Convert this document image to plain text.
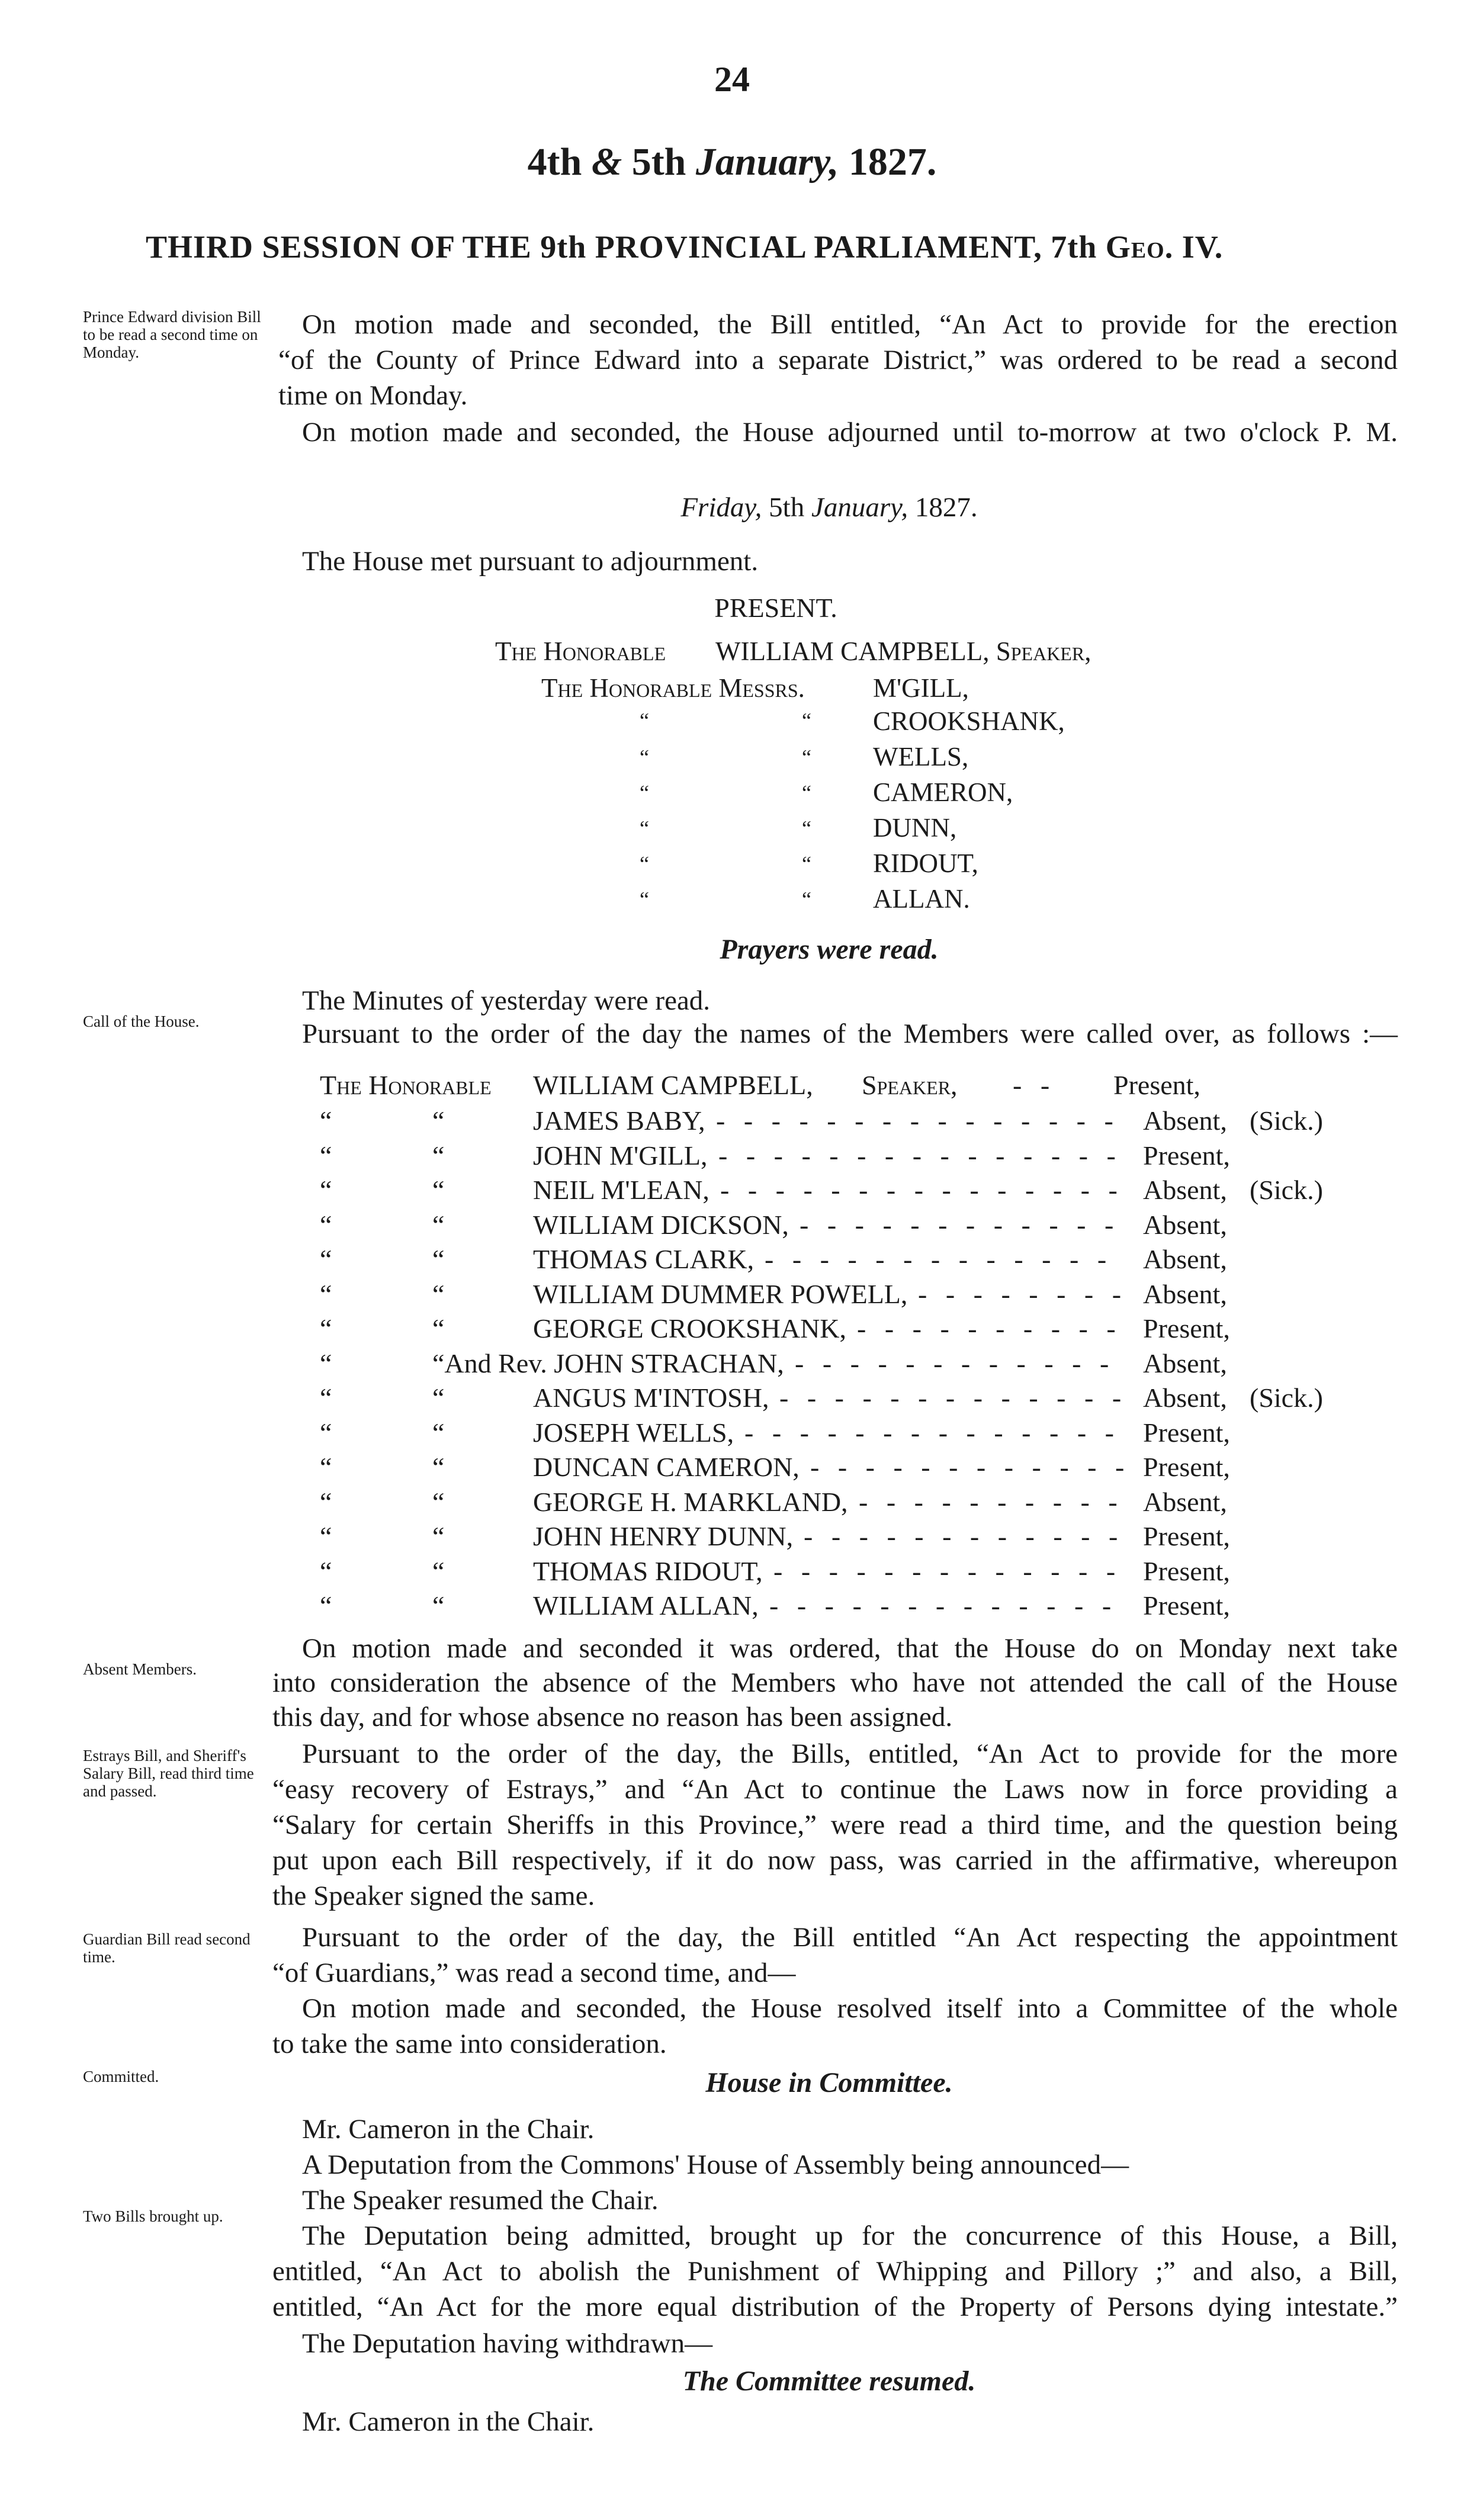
24
4th & 5th January, 1827.
THIRD SESSION OF THE 9th PROVINCIAL PARLIAMENT, 7th Geo. IV.
Prince Edward division Bill to be read a second time on Monday.
Call of the House.
Absent Members.
Estrays Bill, and Sheriff's Salary Bill, read third time and passed.
Guardian Bill read second time.
Committed.
Two Bills brought up.
On motion made and seconded, the Bill entitled, “An Act to provide for the erection
“of the County of Prince Edward into a separate District,” was ordered to be read a second
time on Monday.
On motion made and seconded, the House adjourned until to-morrow at two o'clock P. M.
Friday, 5th January, 1827.
The House met pursuant to adjournment.
PRESENT.
The Honorable WILLIAM CAMPBELL, Speaker,
The Honorable Messrs.	M'GILL,
“	“ CROOKSHANK,
“	“ WELLS,
“	“ CAMERON,
“	“ DUNN,
“	“ RIDOUT,
“	“ ALLAN.
Prayers were read.
The Minutes of yesterday were read.
Pursuant to the order of the day the names of the Members were called over, as follows :—
The Honorable WILLIAM CAMPBELL, Speaker, - - Present,
“	“	JAMES BABY, - - - - - - - - - - - - - - - Absent, (Sick.)
“	“	JOHN M'GILL, - - - - - - - - - - - - - - - Present,
“	“	NEIL M'LEAN, - - - - - - - - - - - - - - - Absent, (Sick.)
“	“	WILLIAM DICKSON, - - - - - - - - - - - - Absent,
“	“	THOMAS CLARK, - - - - - - - - - - - - - Absent,
“	“	WILLIAM DUMMER POWELL, - - - - - - - - Absent,
“	“	GEORGE CROOKSHANK, - - - - - - - - - - Present,
“	“And Rev. JOHN STRACHAN, - - - - - - - - - - - - Absent,
“	“	ANGUS M'INTOSH, - - - - - - - - - - - - - Absent, (Sick.)
“	“	JOSEPH WELLS, - - - - - - - - - - - - - - Present,
“	“	DUNCAN CAMERON, - - - - - - - - - - - - Present,
“	“	GEORGE H. MARKLAND, - - - - - - - - - - Absent,
“	“	JOHN HENRY DUNN, - - - - - - - - - - - - Present,
“	“	THOMAS RIDOUT, - - - - - - - - - - - - - Present,
“	“	WILLIAM ALLAN, - - - - - - - - - - - - - Present,
On motion made and seconded it was ordered, that the House do on Monday next take
into consideration the absence of the Members who have not attended the call of the House
this day, and for whose absence no reason has been assigned.
Pursuant to the order of the day, the Bills, entitled, “An Act to provide for the more
“easy recovery of Estrays,” and “An Act to continue the Laws now in force providing a
“Salary for certain Sheriffs in this Province,” were read a third time, and the question being
put upon each Bill respectively, if it do now pass, was carried in the affirmative, whereupon
the Speaker signed the same.
Pursuant to the order of the day, the Bill entitled “An Act respecting the appointment
“of Guardians,” was read a second time, and—
On motion made and seconded, the House resolved itself into a Committee of the whole
to take the same into consideration.
House in Committee.
Mr. Cameron in the Chair.
A Deputation from the Commons' House of Assembly being announced—
The Speaker resumed the Chair.
The Deputation being admitted, brought up for the concurrence of this House, a Bill,
entitled, “An Act to abolish the Punishment of Whipping and Pillory ;” and also, a Bill,
entitled, “An Act for the more equal distribution of the Property of Persons dying intestate.”
The Deputation having withdrawn—
The Committee resumed.
Mr. Cameron in the Chair.
